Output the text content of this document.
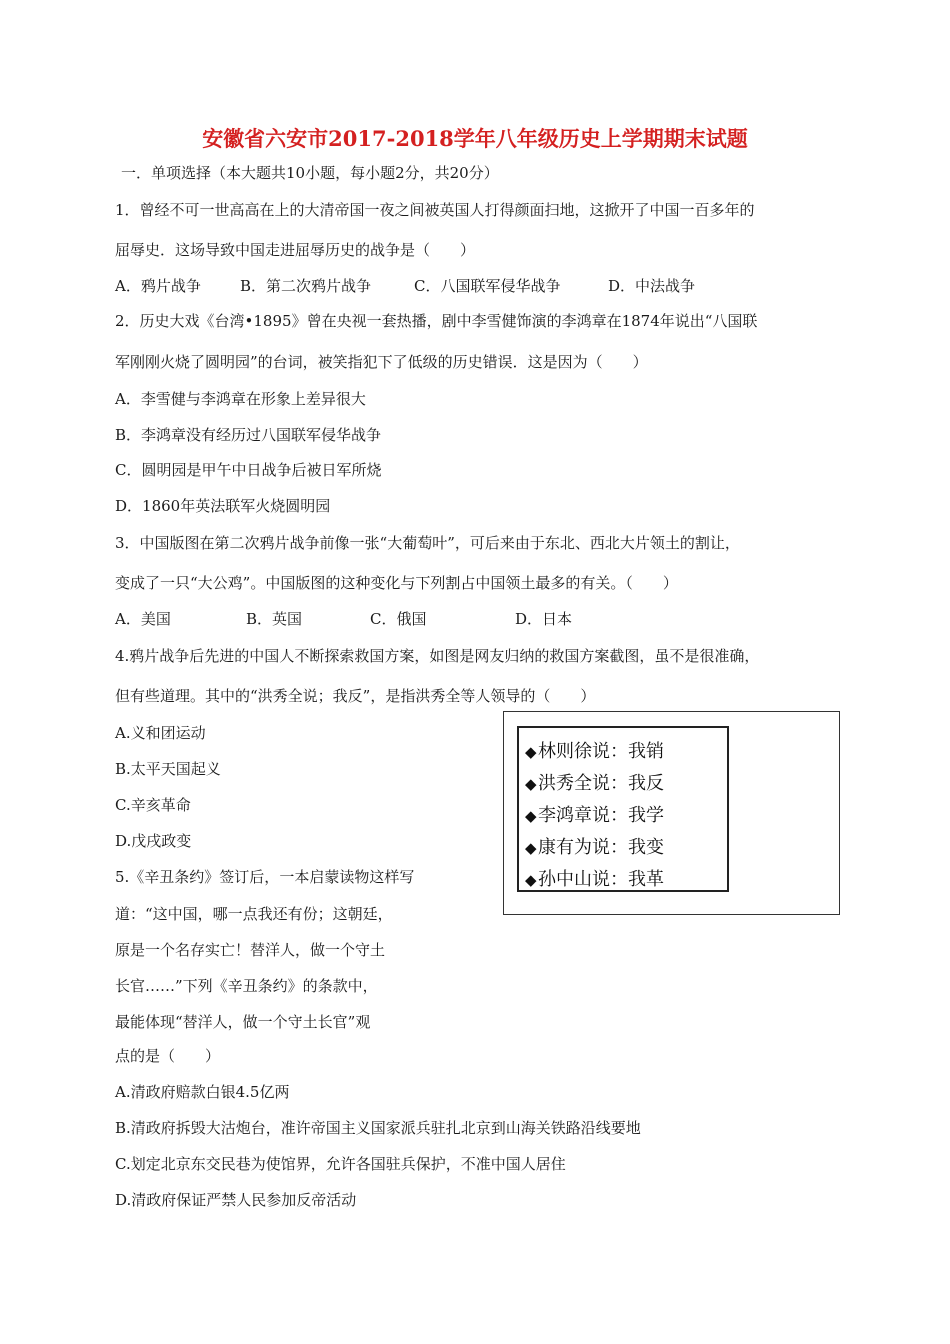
安徽省六安市2017-2018学年八年级历史上学期期末试题
一．单项选择（本大题共10小题，每小题2分，共20分）
1．曾经不可一世高高在上的大清帝国一夜之间被英国人打得颜面扫地，这掀开了中国一百多年的
屈辱史．这场导致中国走进屈辱历史的战争是（　　）
A．鸦片战争	B．第二次鸦片战争	C．八国联军侵华战争	D．中法战争
2．历史大戏《台湾•1895》曾在央视一套热播，剧中李雪健饰演的李鸿章在1874年说出“八国联
军刚刚火烧了圆明园”的台词，被笑指犯下了低级的历史错误．这是因为（　　）
A．李雪健与李鸿章在形象上差异很大
B．李鸿章没有经历过八国联军侵华战争
C．圆明园是甲午中日战争后被日军所烧
D．1860年英法联军火烧圆明园
3．中国版图在第二次鸦片战争前像一张“大葡萄叶”，可后来由于东北、西北大片领土的割让，
变成了一只“大公鸡”。中国版图的这种变化与下列割占中国领土最多的有关。（　　）
A．美国	B．英国	C．俄国	D．日本
4.鸦片战争后先进的中国人不断探索救国方案，如图是网友归纳的救国方案截图，虽不是很准确，
但有些道理。其中的“洪秀全说；我反”，是指洪秀全等人领导的（　　）
A.义和团运动
B.太平天国起义
C.辛亥革命
D.戊戌政变
◆林则徐说：我销
◆洪秀全说：我反
◆李鸿章说：我学
◆康有为说：我变
◆孙中山说：我革
5.《辛丑条约》签订后，一本启蒙读物这样写
道：“这中国，哪一点我还有份；这朝廷，
原是一个名存实亡！替洋人，做一个守土
长官……”下列《辛丑条约》的条款中，
最能体现“替洋人，做一个守土长官”观
点的是（　　）
A.清政府赔款白银4.5亿两
B.清政府拆毁大沽炮台，准许帝国主义国家派兵驻扎北京到山海关铁路沿线要地
C.划定北京东交民巷为使馆界，允许各国驻兵保护，不准中国人居住
D.清政府保证严禁人民参加反帝活动
